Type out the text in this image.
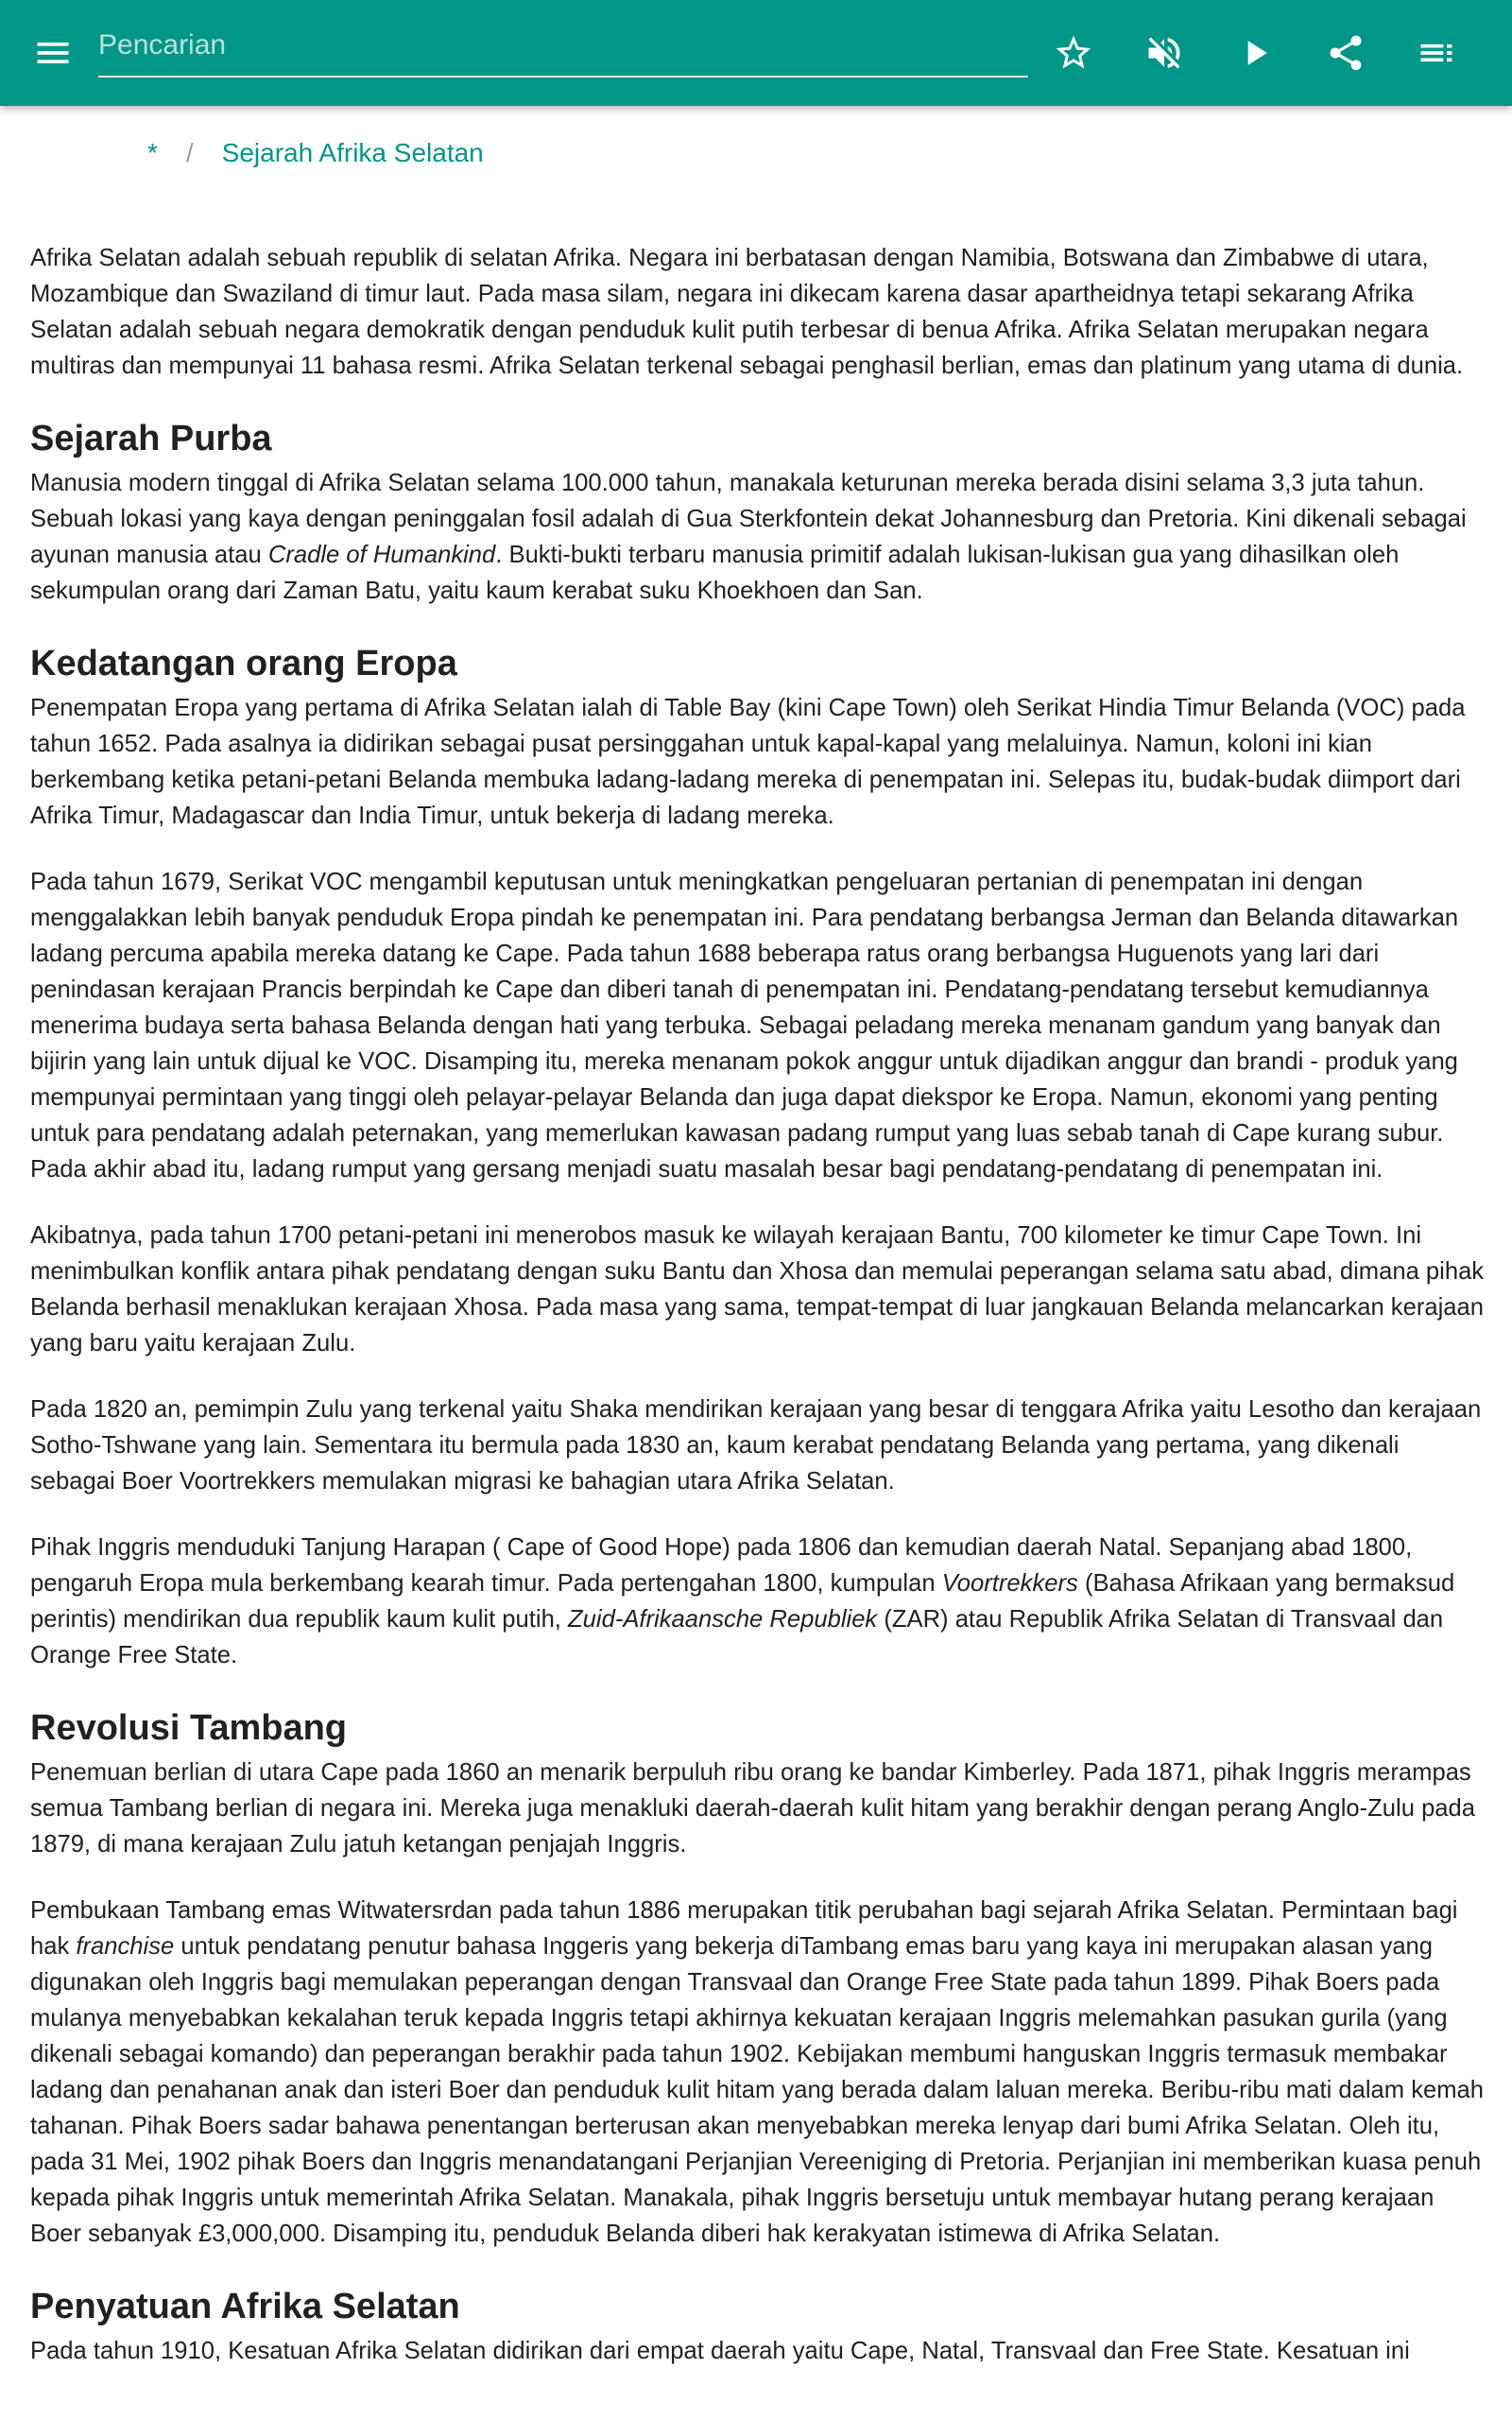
Pencarian
* / Sejarah Afrika Selatan

Afrika Selatan adalah sebuah republik di selatan Afrika. Negara ini berbatasan dengan Namibia, Botswana dan Zimbabwe di utara, Mozambique dan Swaziland di timur laut. Pada masa silam, negara ini dikecam karena dasar apartheidnya tetapi sekarang Afrika Selatan adalah sebuah negara demokratik dengan penduduk kulit putih terbesar di benua Afrika. Afrika Selatan merupakan negara multiras dan mempunyai 11 bahasa resmi. Afrika Selatan terkenal sebagai penghasil berlian, emas dan platinum yang utama di dunia.

Sejarah Purba

Manusia modern tinggal di Afrika Selatan selama 100.000 tahun, manakala keturunan mereka berada disini selama 3,3 juta tahun. Sebuah lokasi yang kaya dengan peninggalan fosil adalah di Gua Sterkfontein dekat Johannesburg dan Pretoria. Kini dikenali sebagai ayunan manusia atau Cradle of Humankind. Bukti-bukti terbaru manusia primitif adalah lukisan-lukisan gua yang dihasilkan oleh sekumpulan orang dari Zaman Batu, yaitu kaum kerabat suku Khoekhoen dan San.

Kedatangan orang Eropa

Penempatan Eropa yang pertama di Afrika Selatan ialah di Table Bay (kini Cape Town) oleh Serikat Hindia Timur Belanda (VOC) pada tahun 1652. Pada asalnya ia didirikan sebagai pusat persinggahan untuk kapal-kapal yang melaluinya. Namun, koloni ini kian berkembang ketika petani-petani Belanda membuka ladang-ladang mereka di penempatan ini. Selepas itu, budak-budak diimport dari Afrika Timur, Madagascar dan India Timur, untuk bekerja di ladang mereka.

Pada tahun 1679, Serikat VOC mengambil keputusan untuk meningkatkan pengeluaran pertanian di penempatan ini dengan menggalakkan lebih banyak penduduk Eropa pindah ke penempatan ini. Para pendatang berbangsa Jerman dan Belanda ditawarkan ladang percuma apabila mereka datang ke Cape. Pada tahun 1688 beberapa ratus orang berbangsa Huguenots yang lari dari penindasan kerajaan Prancis berpindah ke Cape dan diberi tanah di penempatan ini. Pendatang-pendatang tersebut kemudiannya menerima budaya serta bahasa Belanda dengan hati yang terbuka. Sebagai peladang mereka menanam gandum yang banyak dan bijirin yang lain untuk dijual ke VOC. Disamping itu, mereka menanam pokok anggur untuk dijadikan anggur dan brandi - produk yang mempunyai permintaan yang tinggi oleh pelayar-pelayar Belanda dan juga dapat diekspor ke Eropa. Namun, ekonomi yang penting untuk para pendatang adalah peternakan, yang memerlukan kawasan padang rumput yang luas sebab tanah di Cape kurang subur. Pada akhir abad itu, ladang rumput yang gersang menjadi suatu masalah besar bagi pendatang-pendatang di penempatan ini.

Akibatnya, pada tahun 1700 petani-petani ini menerobos masuk ke wilayah kerajaan Bantu, 700 kilometer ke timur Cape Town. Ini menimbulkan konflik antara pihak pendatang dengan suku Bantu dan Xhosa dan memulai peperangan selama satu abad, dimana pihak Belanda berhasil menaklukan kerajaan Xhosa. Pada masa yang sama, tempat-tempat di luar jangkauan Belanda melancarkan kerajaan yang baru yaitu kerajaan Zulu.

Pada 1820 an, pemimpin Zulu yang terkenal yaitu Shaka mendirikan kerajaan yang besar di tenggara Afrika yaitu Lesotho dan kerajaan Sotho-Tshwane yang lain. Sementara itu bermula pada 1830 an, kaum kerabat pendatang Belanda yang pertama, yang dikenali sebagai Boer Voortrekkers memulakan migrasi ke bahagian utara Afrika Selatan.

Pihak Inggris menduduki Tanjung Harapan ( Cape of Good Hope) pada 1806 dan kemudian daerah Natal. Sepanjang abad 1800, pengaruh Eropa mula berkembang kearah timur. Pada pertengahan 1800, kumpulan Voortrekkers (Bahasa Afrikaan yang bermaksud perintis) mendirikan dua republik kaum kulit putih, Zuid-Afrikaansche Republiek (ZAR) atau Republik Afrika Selatan di Transvaal dan Orange Free State.

Revolusi Tambang

Penemuan berlian di utara Cape pada 1860 an menarik berpuluh ribu orang ke bandar Kimberley. Pada 1871, pihak Inggris merampas semua Tambang berlian di negara ini. Mereka juga menakluki daerah-daerah kulit hitam yang berakhir dengan perang Anglo-Zulu pada 1879, di mana kerajaan Zulu jatuh ketangan penjajah Inggris.

Pembukaan Tambang emas Witwatersrdan pada tahun 1886 merupakan titik perubahan bagi sejarah Afrika Selatan. Permintaan bagi hak franchise untuk pendatang penutur bahasa Inggeris yang bekerja diTambang emas baru yang kaya ini merupakan alasan yang digunakan oleh Inggris bagi memulakan peperangan dengan Transvaal dan Orange Free State pada tahun 1899. Pihak Boers pada mulanya menyebabkan kekalahan teruk kepada Inggris tetapi akhirnya kekuatan kerajaan Inggris melemahkan pasukan gurila (yang dikenali sebagai komando) dan peperangan berakhir pada tahun 1902. Kebijakan membumi hanguskan Inggris termasuk membakar ladang dan penahanan anak dan isteri Boer dan penduduk kulit hitam yang berada dalam laluan mereka. Beribu-ribu mati dalam kemah tahanan. Pihak Boers sadar bahawa penentangan berterusan akan menyebabkan mereka lenyap dari bumi Afrika Selatan. Oleh itu, pada 31 Mei, 1902 pihak Boers dan Inggris menandatangani Perjanjian Vereeniging di Pretoria. Perjanjian ini memberikan kuasa penuh kepada pihak Inggris untuk memerintah Afrika Selatan. Manakala, pihak Inggris bersetuju untuk membayar hutang perang kerajaan Boer sebanyak £3,000,000. Disamping itu, penduduk Belanda diberi hak kerakyatan istimewa di Afrika Selatan.

Penyatuan Afrika Selatan

Pada tahun 1910, Kesatuan Afrika Selatan didirikan dari empat daerah yaitu Cape, Natal, Transvaal dan Free State. Kesatuan ini
